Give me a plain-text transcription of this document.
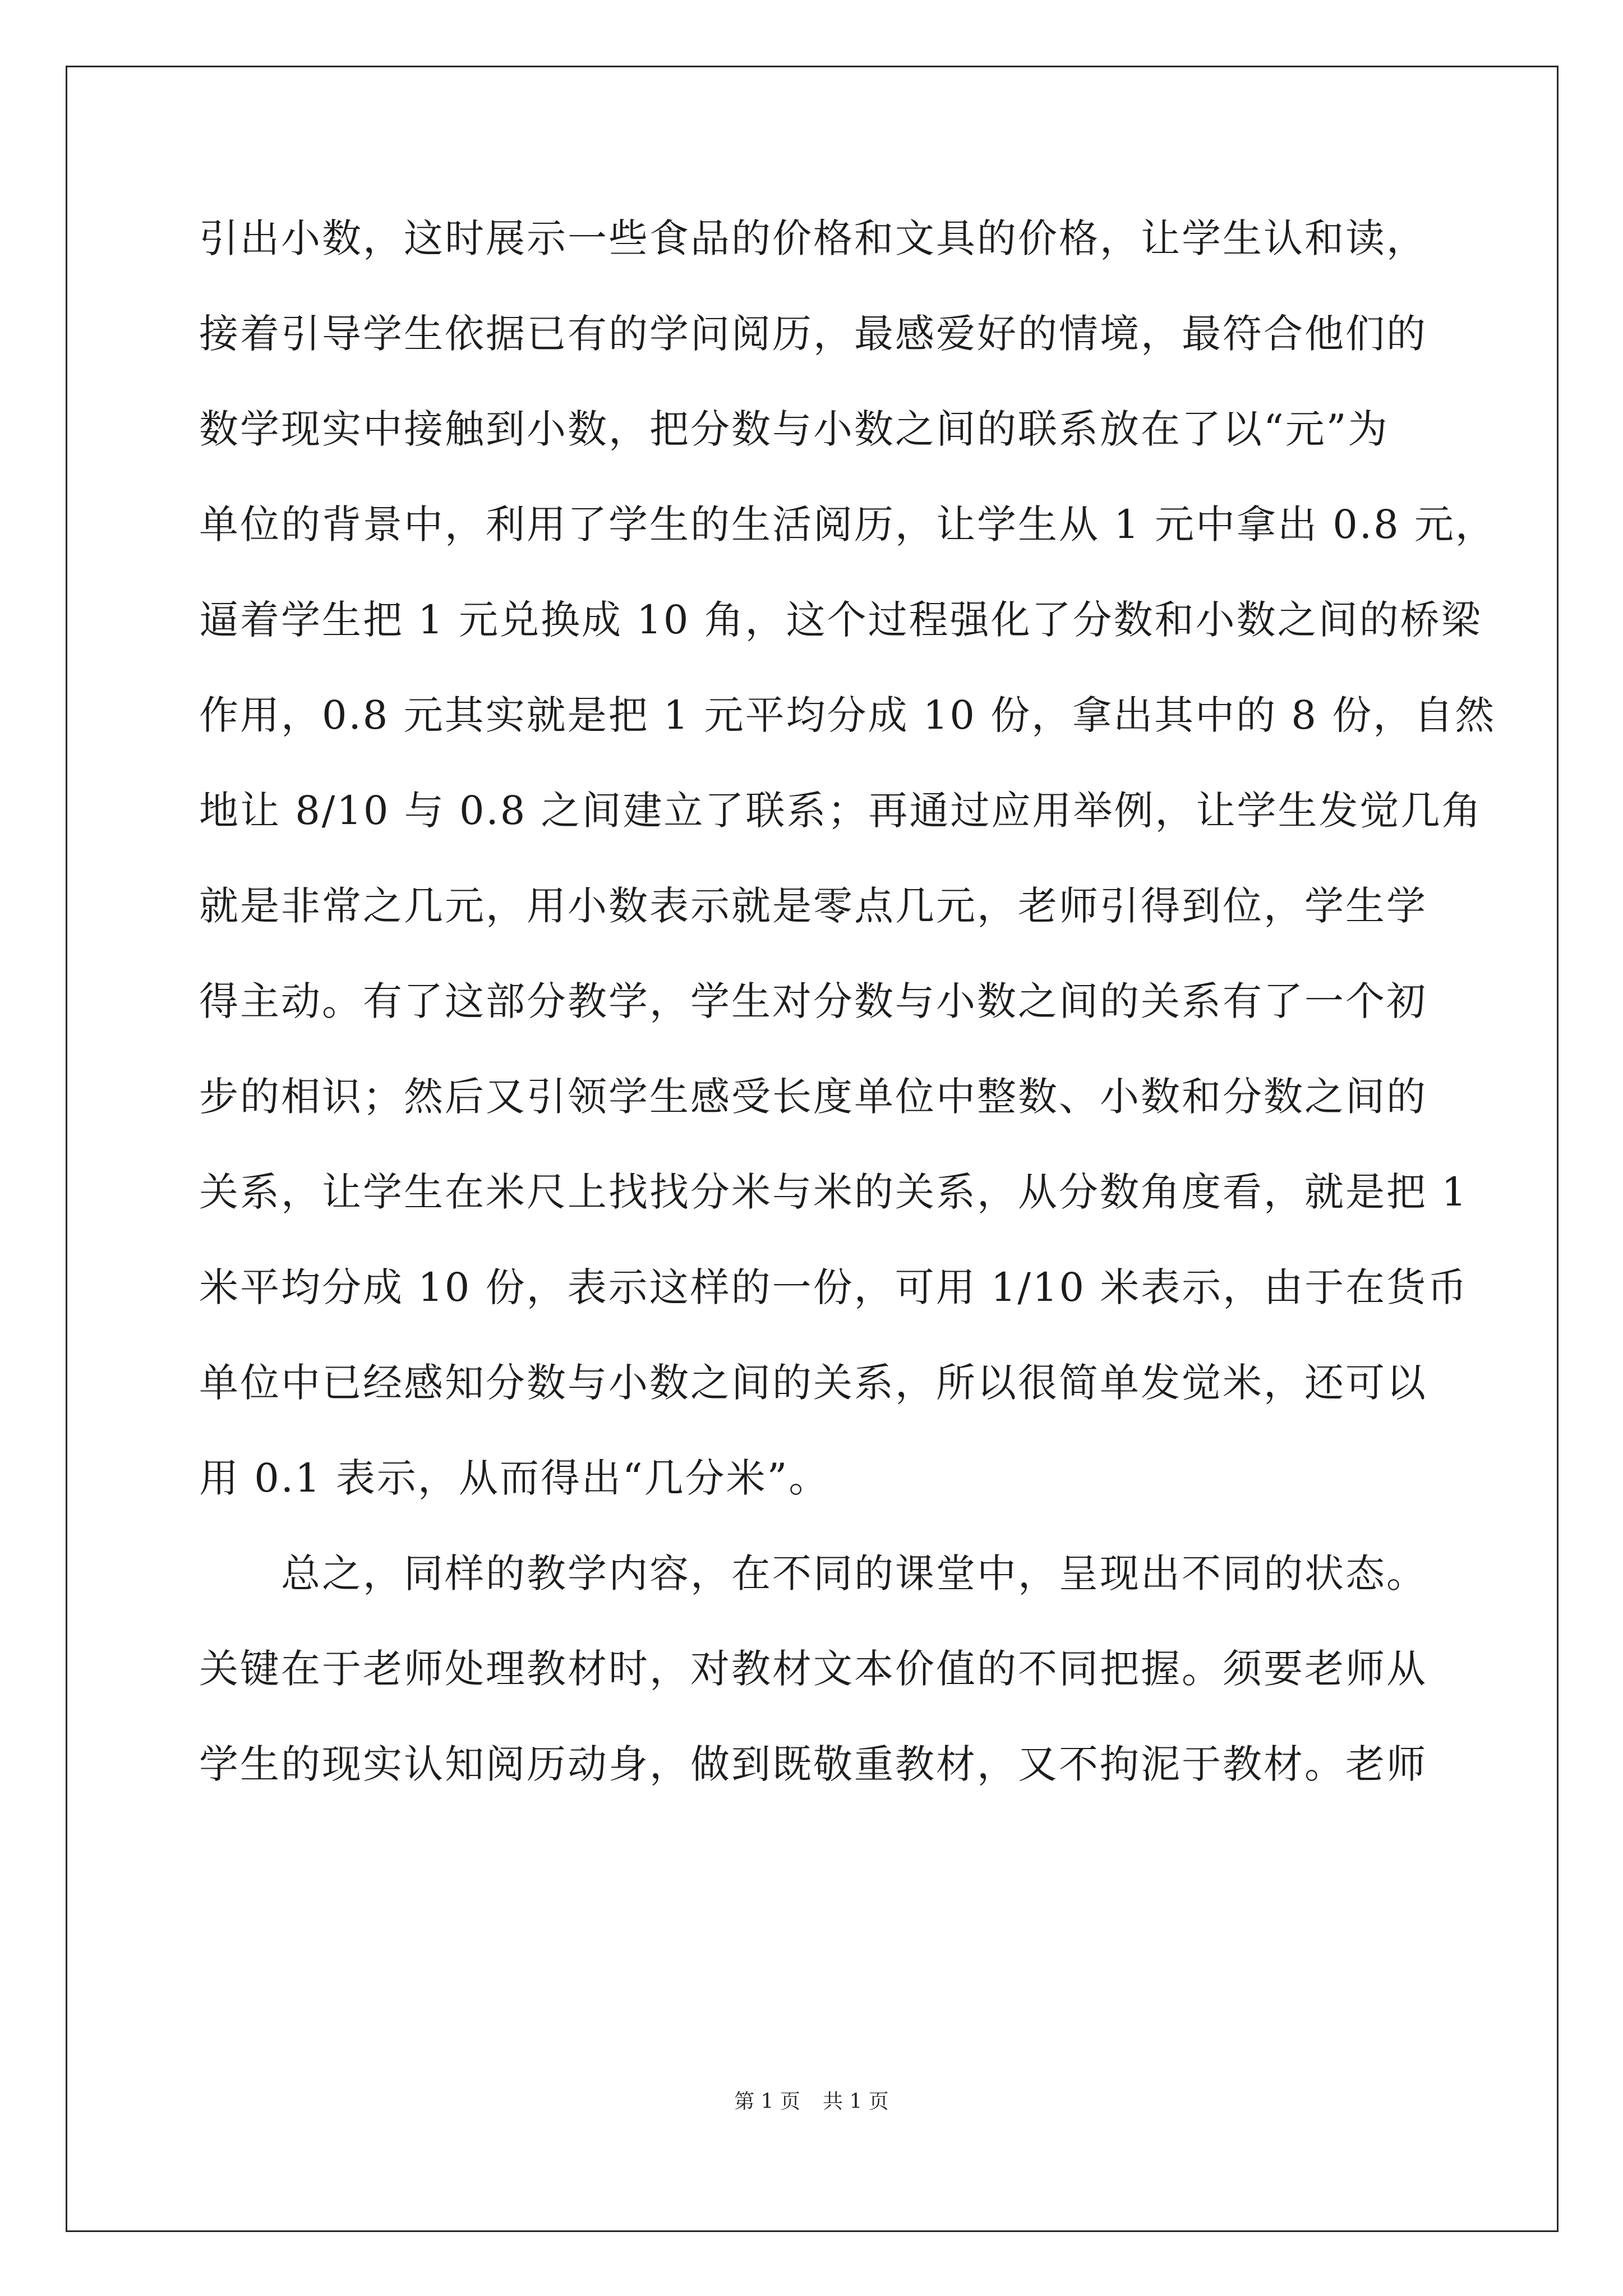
引出小数，这时展示一些食品的价格和文具的价格，让学生认和读，
接着引导学生依据已有的学问阅历，最感爱好的情境，最符合他们的
数学现实中接触到小数，把分数与小数之间的联系放在了以“元”为
单位的背景中，利用了学生的生活阅历，让学生从 1 元中拿出 0.8 元，
逼着学生把 1 元兑换成 10 角，这个过程强化了分数和小数之间的桥梁
作用，0.8 元其实就是把 1 元平均分成 10 份，拿出其中的 8 份，自然
地让 8/10 与 0.8 之间建立了联系；再通过应用举例，让学生发觉几角
就是非常之几元，用小数表示就是零点几元，老师引得到位，学生学
得主动。有了这部分教学，学生对分数与小数之间的关系有了一个初
步的相识；然后又引领学生感受长度单位中整数、小数和分数之间的
关系，让学生在米尺上找找分米与米的关系，从分数角度看，就是把 1
米平均分成 10 份，表示这样的一份，可用 1/10 米表示，由于在货币
单位中已经感知分数与小数之间的关系，所以很简单发觉米，还可以
用 0.1 表示，从而得出“几分米”。
　　总之，同样的教学内容，在不同的课堂中，呈现出不同的状态。
关键在于老师处理教材时，对教材文本价值的不同把握。须要老师从
学生的现实认知阅历动身，做到既敬重教材，又不拘泥于教材。老师
第 1 页 共 1 页
